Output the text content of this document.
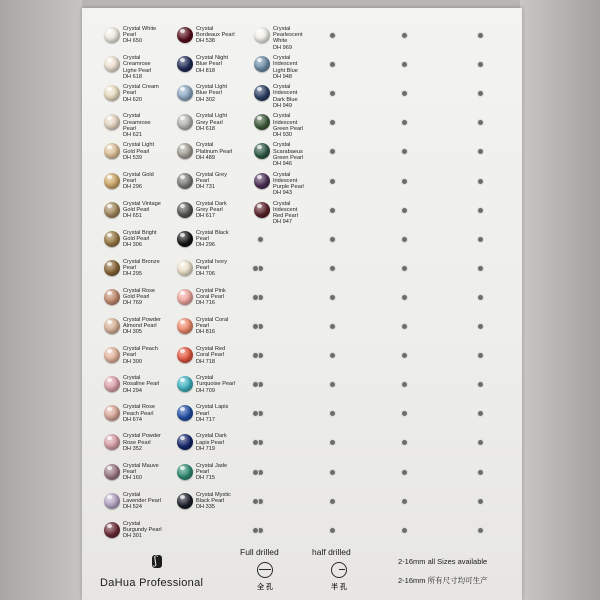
Crystal White
Pearl
DH 650
Crystal
Creamrose
Lighe Pearl
DH 618
Crystal Cream
Pearl
DH 620
Crystal
Creamrose
Pearl
DH 621
Crystal Light
Gold Pearl
DH 539
Crystal Gold
Pearl
DH 296
Crystal Vintage
Gold Pearl
DH 651
Crystal Bright
Gold Pearl
DH 306
Crystal Bronze
Pearl
DH 295
Crystal Rose
Gold Pearl
DH 769
Crystal Powder
Almond Pearl
DH 305
Crystal Peach
Pearl
DH 300
Crystal
Rosaline Pearl
DH 294
Crystal Rose
Peach Pearl
DH 674
Crystal Powder
Rose Pearl
DH 352
Crystal Mauve
Pearl
DH 160
Crystal
Lavender Pearl
DH 524
Crystal
Burgundy Pearl
DH 301
Crystal
Bordeaux Pearl
DH 538
Crystal Night
Blue Pearl
DH 818
Crystal Light
Blue Pearl
DH 302
Crystal Light
Grey Pearl
DH 618
Crystal
Platinum Pearl
DH 489
Crystal Grey
Pearl
DH 731
Crystal Dark
Grey Pearl
DH 617
Crystal Black
Pearl
DH 296
Crystal Ivory
Pearl
DH 706
Crystal Pink
Coral Pearl
DH 716
Crystal Coral
Pearl
DH 816
Crystal Red
Coral Pearl
DH 718
Crystal
Turquoise Pearl
DH 709
Crystal Lapis
Pearl
DH 717
Crystal Dark
Lapis Pearl
DH 719
Crystal Jade
Pearl
DH 715
Crystal Mystic
Black Pearl
DH 335
Crystal
Pearlescent
White
DH 969
Crystal
Iridescent
Light Blue
DH 948
Crystal
Iridescent
Dark Blue
DH 949
Crystal
Iridescent
Green Pearl
DH 930
Crystal
Scarabaeus
Green Pearl
DH 946
Crystal
Iridescent
Purple Pearl
DH 943
Crystal
Iridescent
Red Pearl
DH 947
ʃ
DaHua Professional
Full drilled	half drilled
全 孔	半 孔
2-16mm all Sizes available
2-16mm 所有尺寸均可生产
